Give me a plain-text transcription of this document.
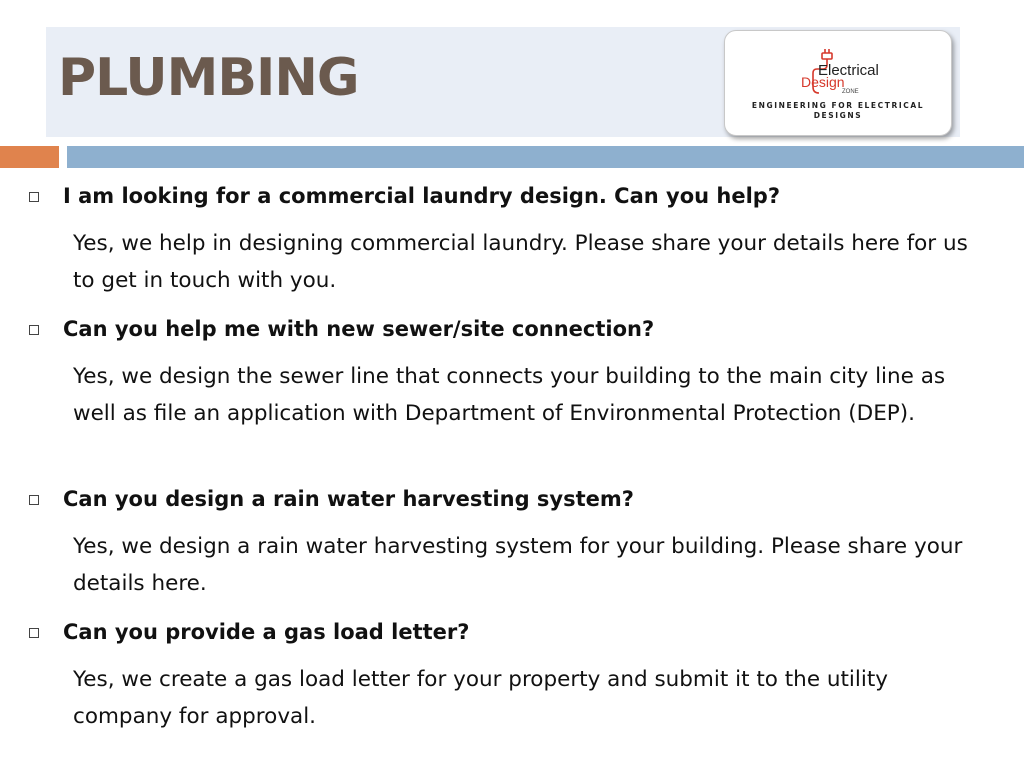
PLUMBING	Electrical
Design
ZONE
ENGINEERING FOR ELECTRICAL
DESIGNS
I am looking for a commercial laundry design. Can you help?
Yes, we help in designing commercial laundry. Please share your details here for us to get in touch with you.
Can you help me with new sewer/site connection?
Yes, we design the sewer line that connects your building to the main city line as well as file an application with Department of Environmental Protection (DEP).
Can you design a rain water harvesting system?
Yes, we design a rain water harvesting system for your building. Please share your details here.
Can you provide a gas load letter?
Yes, we create a gas load letter for your property and submit it to the utility company for approval.
